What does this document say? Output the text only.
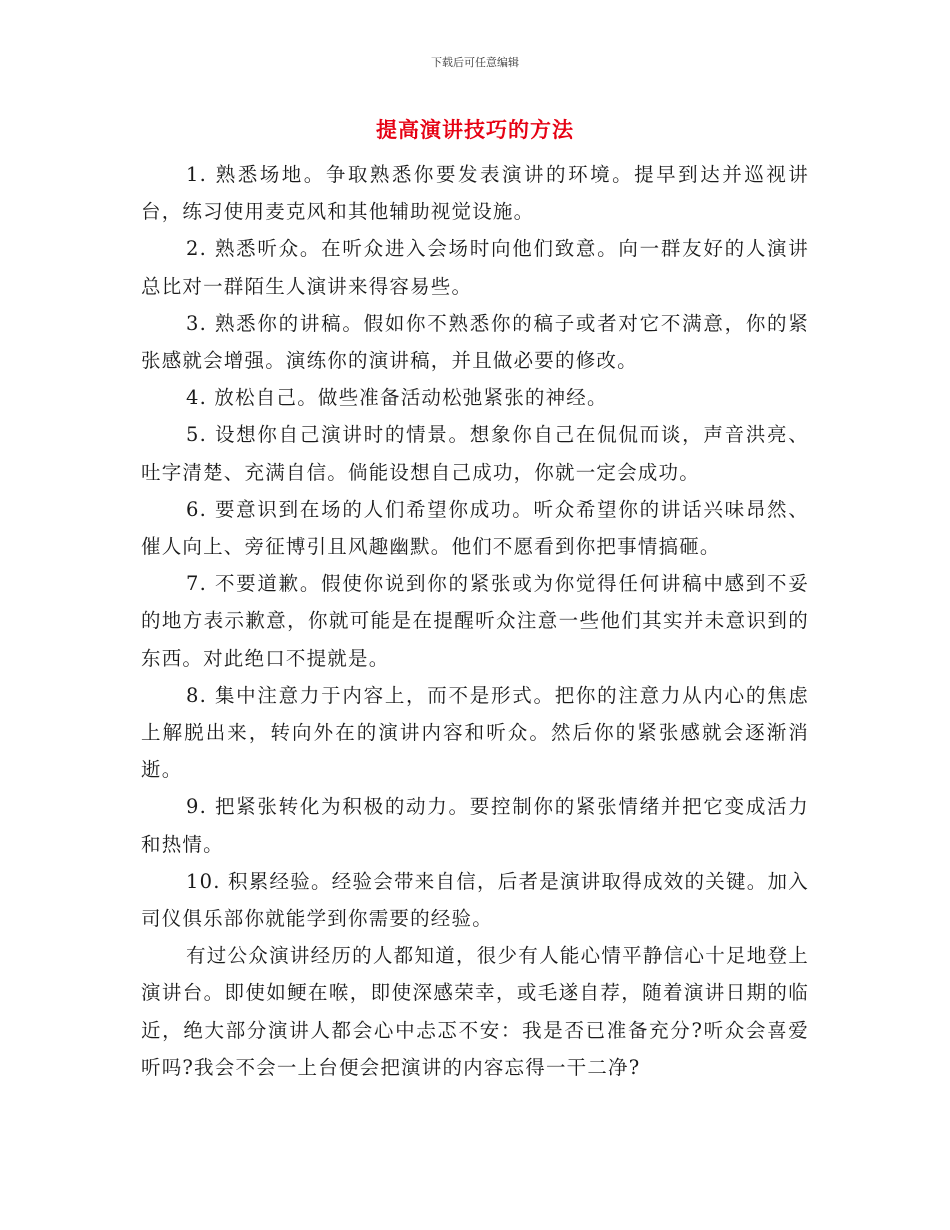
下载后可任意编辑
提高演讲技巧的方法

1. 熟悉场地。争取熟悉你要发表演讲的环境。提早到达并巡视讲台，练习使用麦克风和其他辅助视觉设施。

2. 熟悉听众。在听众进入会场时向他们致意。向一群友好的人演讲总比对一群陌生人演讲来得容易些。

3. 熟悉你的讲稿。假如你不熟悉你的稿子或者对它不满意，你的紧张感就会增强。演练你的演讲稿，并且做必要的修改。

4. 放松自己。做些准备活动松弛紧张的神经。

5. 设想你自己演讲时的情景。想象你自己在侃侃而谈，声音洪亮、吐字清楚、充满自信。倘能设想自己成功，你就一定会成功。

6. 要意识到在场的人们希望你成功。听众希望你的讲话兴味昂然、催人向上、旁征博引且风趣幽默。他们不愿看到你把事情搞砸。

7. 不要道歉。假使你说到你的紧张或为你觉得任何讲稿中感到不妥的地方表示歉意，你就可能是在提醒听众注意一些他们其实并未意识到的东西。对此绝口不提就是。

8. 集中注意力于内容上，而不是形式。把你的注意力从内心的焦虑上解脱出来，转向外在的演讲内容和听众。然后你的紧张感就会逐渐消逝。

9. 把紧张转化为积极的动力。要控制你的紧张情绪并把它变成活力和热情。

10. 积累经验。经验会带来自信，后者是演讲取得成效的关键。加入司仪俱乐部你就能学到你需要的经验。

有过公众演讲经历的人都知道，很少有人能心情平静信心十足地登上演讲台。即使如鲠在喉，即使深感荣幸，或毛遂自荐，随着演讲日期的临近，绝大部分演讲人都会心中忐忑不安：我是否已准备充分?听众会喜爱听吗?我会不会一上台便会把演讲的内容忘得一干二净?
